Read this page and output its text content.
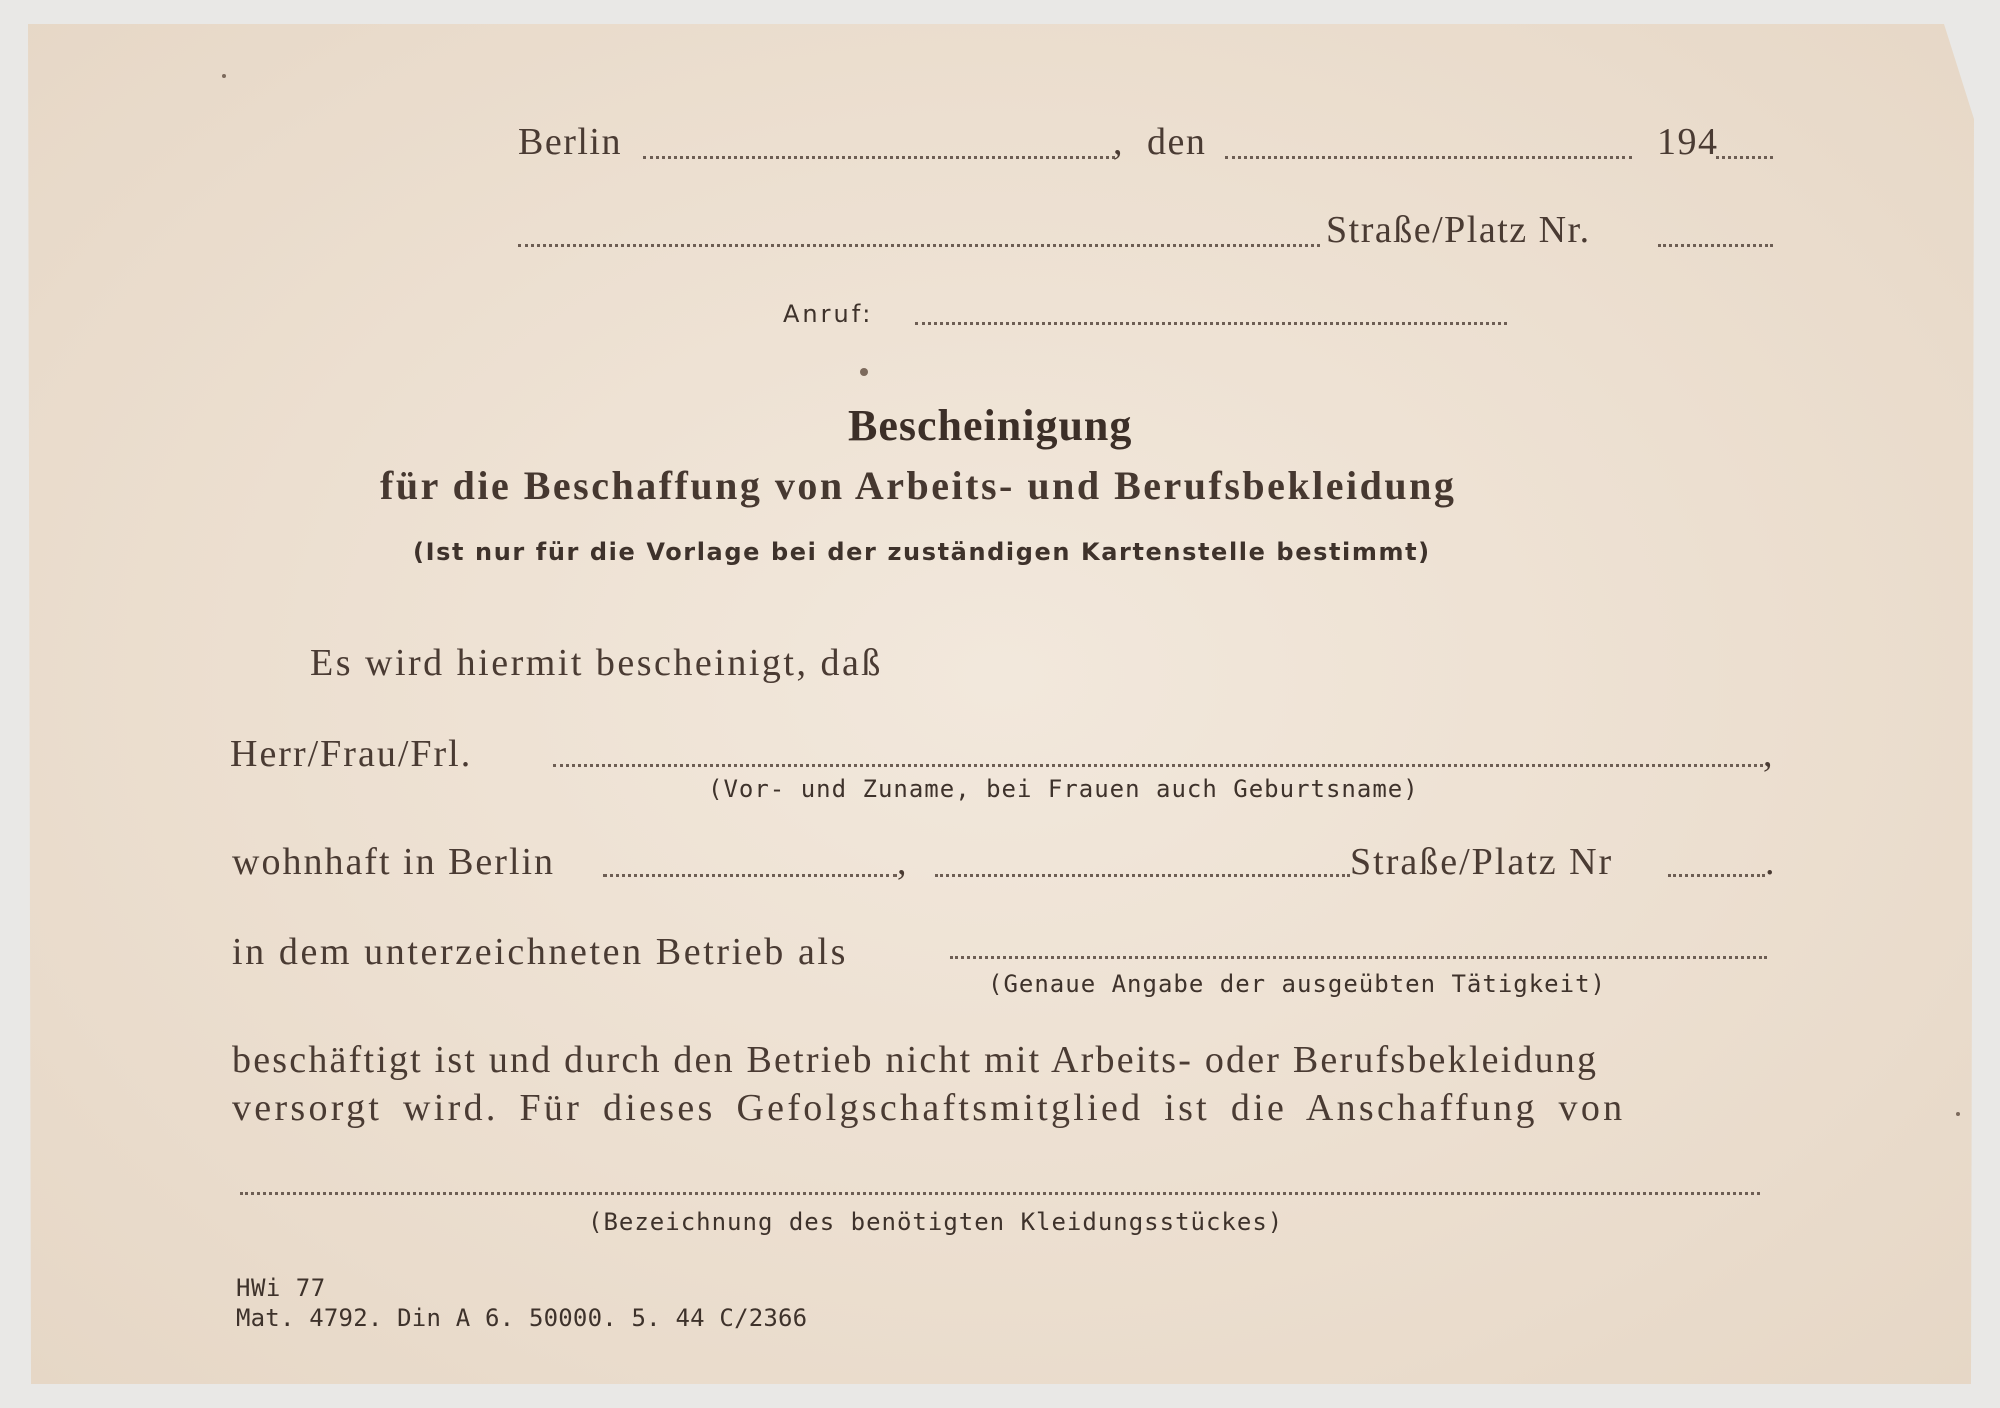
Berlin	, den	194
Straße/Platz Nr.
Anruf:
Bescheinigung
für die Beschaffung von Arbeits- und Berufsbekleidung
(Ist nur für die Vorlage bei der zuständigen Kartenstelle bestimmt)
Es wird hiermit bescheinigt, daß
Herr/Frau/Frl.	,
(Vor- und Zuname, bei Frauen auch Geburtsname)
wohnhaft in Berlin	,	Straße/Platz Nr	.
in dem unterzeichneten Betrieb als
(Genaue Angabe der ausgeübten Tätigkeit)
beschäftigt ist und durch den Betrieb nicht mit Arbeits- oder Berufsbekleidung
versorgt wird. Für dieses Gefolgschaftsmitglied ist die Anschaffung von
(Bezeichnung des benötigten Kleidungsstückes)
HWi 77
Mat. 4792. Din A 6. 50000. 5. 44 C/2366
